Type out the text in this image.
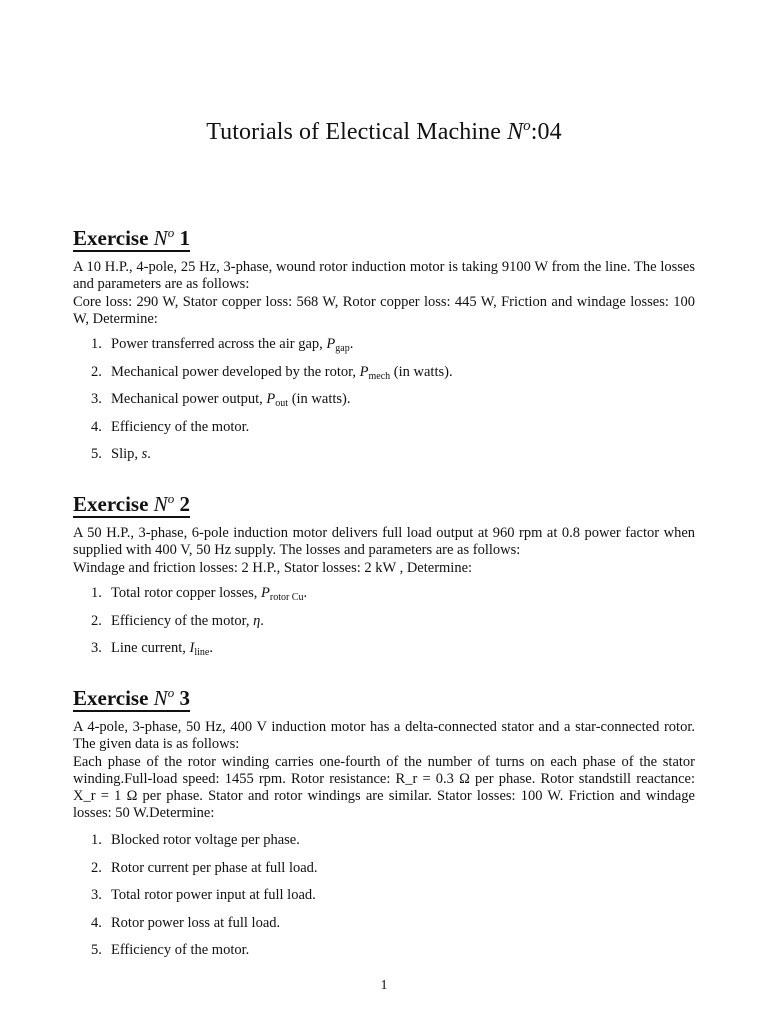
Tutorials of Electical Machine $N^o:04$
Exercise $N^o$ 1

A 10 H.P., 4-pole, 25 Hz, 3-phase, wound rotor induction motor is taking 9100 W from the line. The losses and parameters are as follows:

Core loss: 290 W, Stator copper loss: 568 W, Rotor copper loss: 445 W, Friction and windage losses: 100 W, Determine:

1. Power transferred across the air gap, $P_{gap}$.
2. Mechanical power developed by the rotor, $P_{mech}$ (in watts).
3. Mechanical power output, $P_{out}$ (in watts).
4. Efficiency of the motor.
5. Slip, s.
Exercise $N^o$ 2

A 50 H.P., 3-phase, 6-pole induction motor delivers full load output at 960 rpm at 0.8 power factor when supplied with 400 V, 50 Hz supply. The losses and parameters are as follows:

Windage and friction losses: 2 H.P., Stator losses: 2 kW , Determine:

1. Total rotor copper losses, $P_{rotor Cu}$.
2. Efficiency of the motor, η.
3. Line current, $I_{line}$.
Exercise $N^o$ 3

A 4-pole, 3-phase, 50 Hz, 400 V induction motor has a delta-connected stator and a star-connected rotor. The given data is as follows:

Each phase of the rotor winding carries one-fourth of the number of turns on each phase of the stator winding.Full-load speed: 1455 rpm. Rotor resistance: R_r = 0.3 Ω per phase. Rotor standstill reactance: X_r = 1 Ω per phase. Stator and rotor windings are similar. Stator losses: 100 W. Friction and windage losses: 50 W.Determine:

1. Blocked rotor voltage per phase.
2. Rotor current per phase at full load.
3. Total rotor power input at full load.
4. Rotor power loss at full load.
5. Efficiency of the motor.
1
